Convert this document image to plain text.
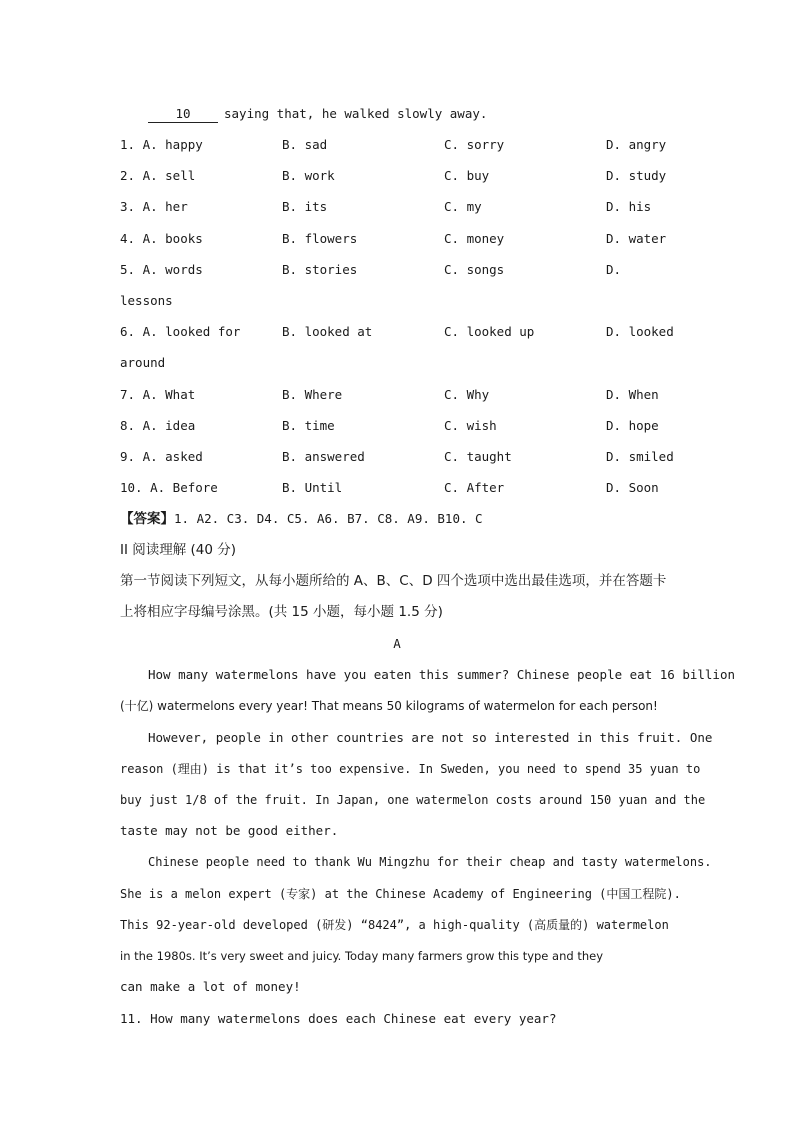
10	saying that, he walked slowly away.
1. A. happy	B. sad	C. sorry	D. angry
2. A. sell	B. work	C. buy	D. study
3. A. her	B. its	C. my	D. his
4. A. books	B. flowers	C. money	D. water
5. A. words	B. stories	C. songs	D.
lessons
6. A. looked for	B. looked at	C. looked up	D. looked
around
7. A. What	B. Where	C. Why	D. When
8. A. idea	B. time	C. wish	D. hope
9. A. asked	B. answered	C. taught	D. smiled
10. A. Before	B. Until	C. After	D. Soon
【答案】1. A2. C3. D4. C5. A6. B7. C8. A9. B10. C
II 阅读理解 (40 分)
第一节阅读下列短文，从每小题所给的 A、B、C、D 四个选项中选出最佳选项，并在答题卡
上将相应字母编号涂黑。(共 15 小题，每小题 1.5 分)
A
How many watermelons have you eaten this summer? Chinese people eat 16 billion
(十亿) watermelons every year! That means 50 kilograms of watermelon for each person!
However, people in other countries are not so interested in this fruit. One
reason (理由) is that it’s too expensive. In Sweden, you need to spend 35 yuan to
buy just 1/8 of the fruit. In Japan, one watermelon costs around 150 yuan and the
taste may not be good either.
Chinese people need to thank Wu Mingzhu for their cheap and tasty watermelons.
She is a melon expert (专家) at the Chinese Academy of Engineering (中国工程院).
This 92-year-old developed (研发) “8424”, a high-quality (高质量的) watermelon
in the 1980s. It’s very sweet and juicy. Today many farmers grow this type and they
can make a lot of money!
11. How many watermelons does each Chinese eat every year?
